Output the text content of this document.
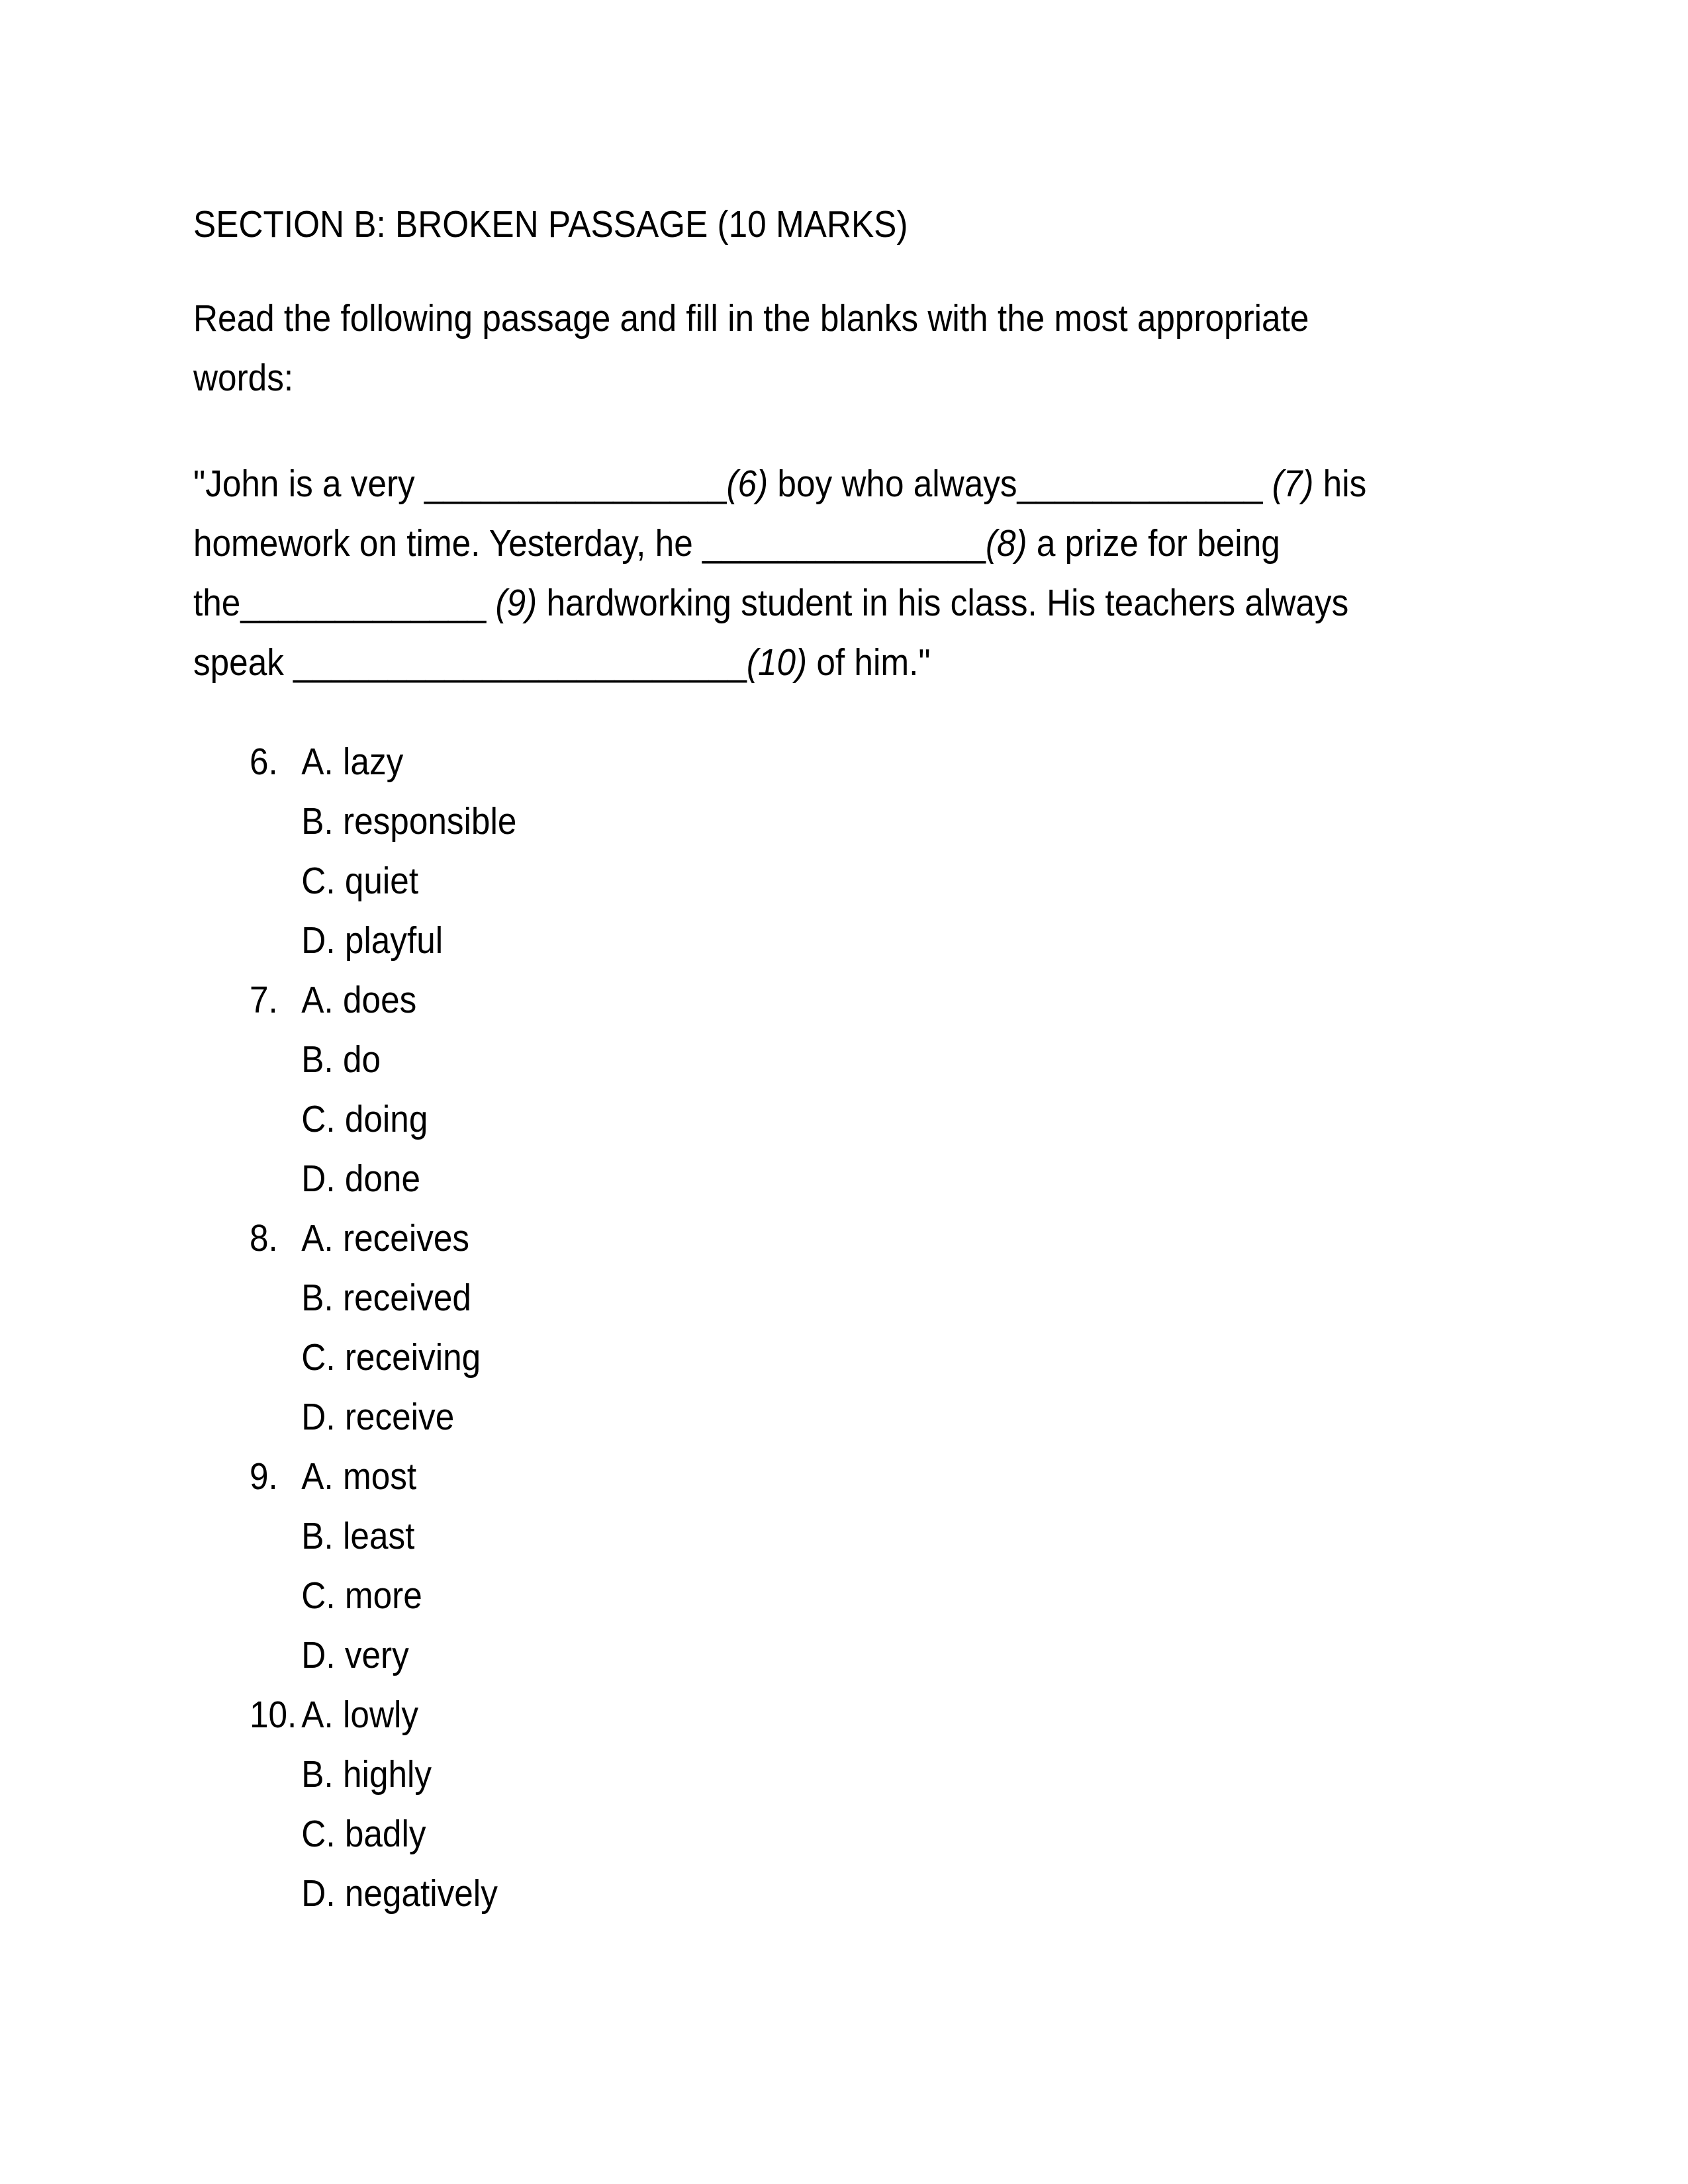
SECTION B: BROKEN PASSAGE (10 MARKS)
Read the following passage and fill in the blanks with the most appropriate
words:
"John is a very ________________(6) boy who always_____________ (7) his
homework on time. Yesterday, he _______________(8) a prize for being
the_____________ (9) hardworking student in his class. His teachers always
speak ________________________(10) of him."
6. A. lazy
B. responsible
C. quiet
D. playful
7. A. does
B. do
C. doing
D. done
8. A. receives
B. received
C. receiving
D. receive
9. A. most
B. least
C. more
D. very
10. A. lowly
B. highly
C. badly
D. negatively
